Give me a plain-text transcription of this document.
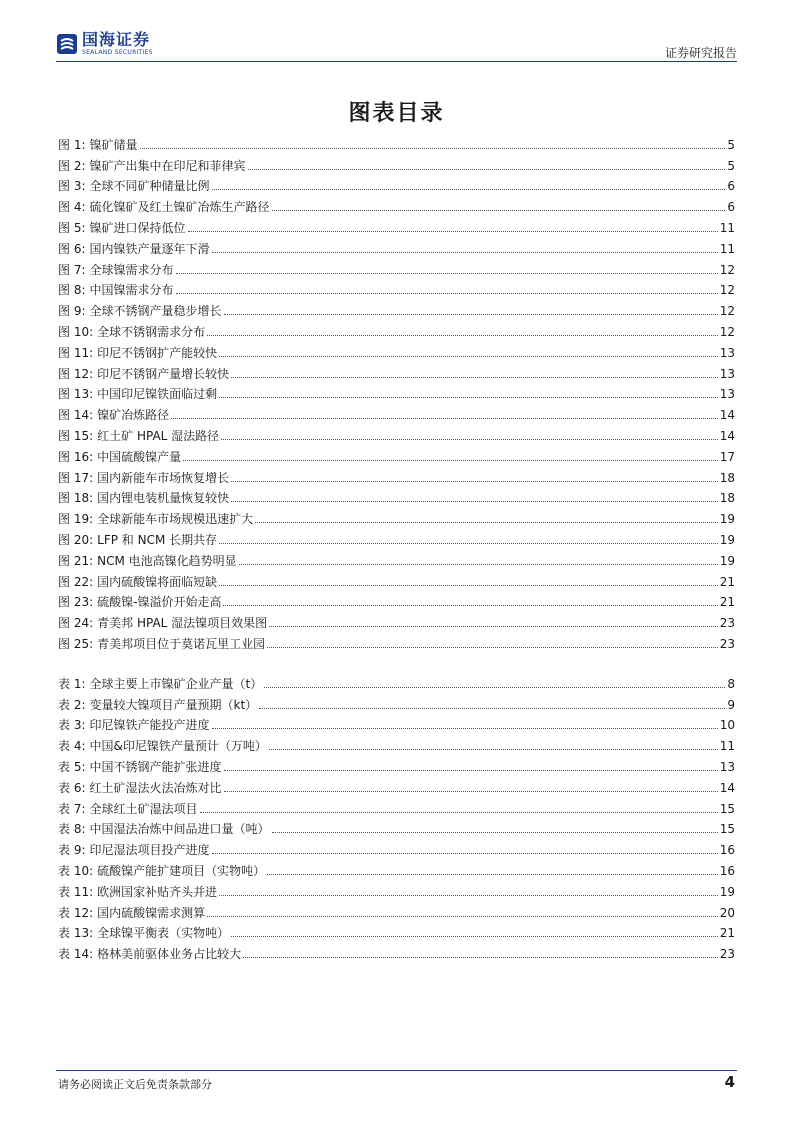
国海证券
SEALAND SECURITIES	证券研究报告
图表目录
图 1: 镍矿储量	5
图 2: 镍矿产出集中在印尼和菲律宾	5
图 3: 全球不同矿种储量比例	6
图 4: 硫化镍矿及红土镍矿冶炼生产路径	6
图 5: 镍矿进口保持低位	11
图 6: 国内镍铁产量逐年下滑	11
图 7: 全球镍需求分布	12
图 8: 中国镍需求分布	12
图 9: 全球不锈钢产量稳步增长	12
图 10: 全球不锈钢需求分布	12
图 11: 印尼不锈钢扩产能较快	13
图 12: 印尼不锈钢产量增长较快	13
图 13: 中国印尼镍铁面临过剩	13
图 14: 镍矿冶炼路径	14
图 15: 红土矿 HPAL 湿法路径	14
图 16: 中国硫酸镍产量	17
图 17: 国内新能车市场恢复增长	18
图 18: 国内锂电装机量恢复较快	18
图 19: 全球新能车市场规模迅速扩大	19
图 20: LFP 和 NCM 长期共存	19
图 21: NCM 电池高镍化趋势明显	19
图 22: 国内硫酸镍将面临短缺	21
图 23: 硫酸镍-镍溢价开始走高	21
图 24: 青美邦 HPAL 湿法镍项目效果图	23
图 25: 青美邦项目位于莫诺瓦里工业园	23
表 1: 全球主要上市镍矿企业产量（t）	8
表 2: 变量较大镍项目产量预期（kt）	9
表 3: 印尼镍铁产能投产进度	10
表 4: 中国&印尼镍铁产量预计（万吨）	11
表 5: 中国不锈钢产能扩张进度	13
表 6: 红土矿湿法火法冶炼对比	14
表 7: 全球红土矿湿法项目	15
表 8: 中国湿法冶炼中间品进口量（吨）	15
表 9: 印尼湿法项目投产进度	16
表 10: 硫酸镍产能扩建项目（实物吨）	16
表 11: 欧洲国家补贴齐头并进	19
表 12: 国内硫酸镍需求测算	20
表 13: 全球镍平衡表（实物吨）	21
表 14: 格林美前驱体业务占比较大	23
请务必阅读正文后免责条款部分	4
